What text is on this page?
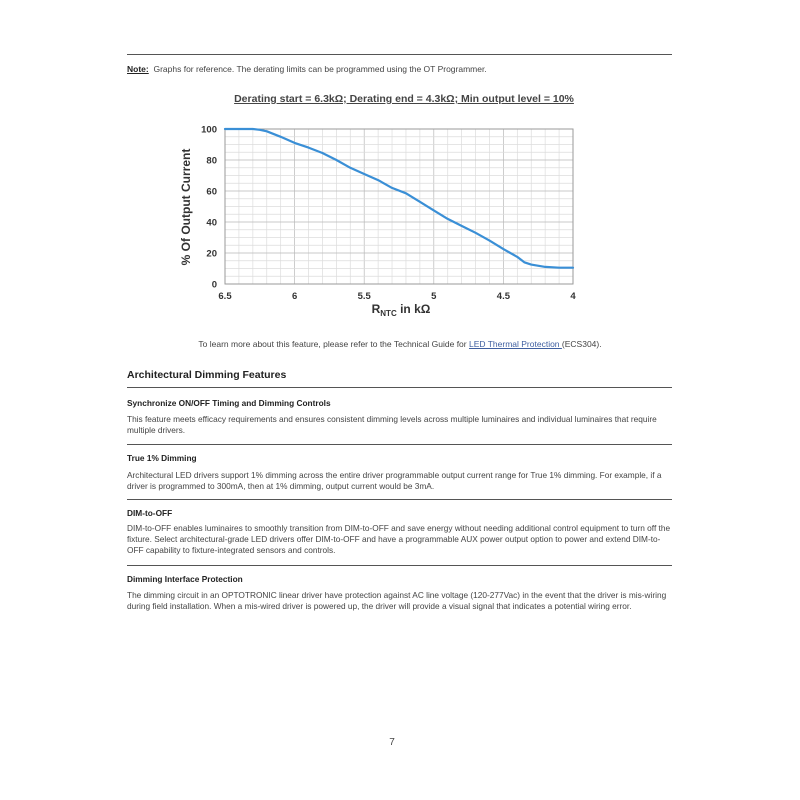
Note: Graphs for reference. The derating limits can be programmed using the OT Programmer.
Derating start = 6.3kΩ; Derating end = 4.3kΩ; Min output level = 10%
0
20
40
60
80
100
6.5	6	5.5	5	4.5	4
% Of Output Current
$R_{NTC}$ in kΩ
To learn more about this feature, please refer to the Technical Guide for LED Thermal Protection (ECS304).
Architectural Dimming Features
Synchronize ON/OFF Timing and Dimming Controls
This feature meets efficacy requirements and ensures consistent dimming levels across multiple luminaires and individual luminaires that require multiple drivers.
True 1% Dimming
Architectural LED drivers support 1% dimming across the entire driver programmable output current range for True 1% dimming. For example, if a driver is programmed to 300mA, then at 1% dimming, output current would be 3mA.
DIM-to-OFF
DIM-to-OFF enables luminaires to smoothly transition from DIM-to-OFF and save energy without needing additional control equipment to turn off the fixture. Select architectural-grade LED drivers offer DIM-to-OFF and have a programmable AUX power output option to power and extend DIM-to-OFF capability to fixture-integrated sensors and controls.
Dimming Interface Protection
The dimming circuit in an OPTOTRONIC linear driver have protection against AC line voltage (120-277Vac) in the event that the driver is mis-wiring during field installation. When a mis-wired driver is powered up, the driver will provide a visual signal that indicates a potential wiring error.
7
